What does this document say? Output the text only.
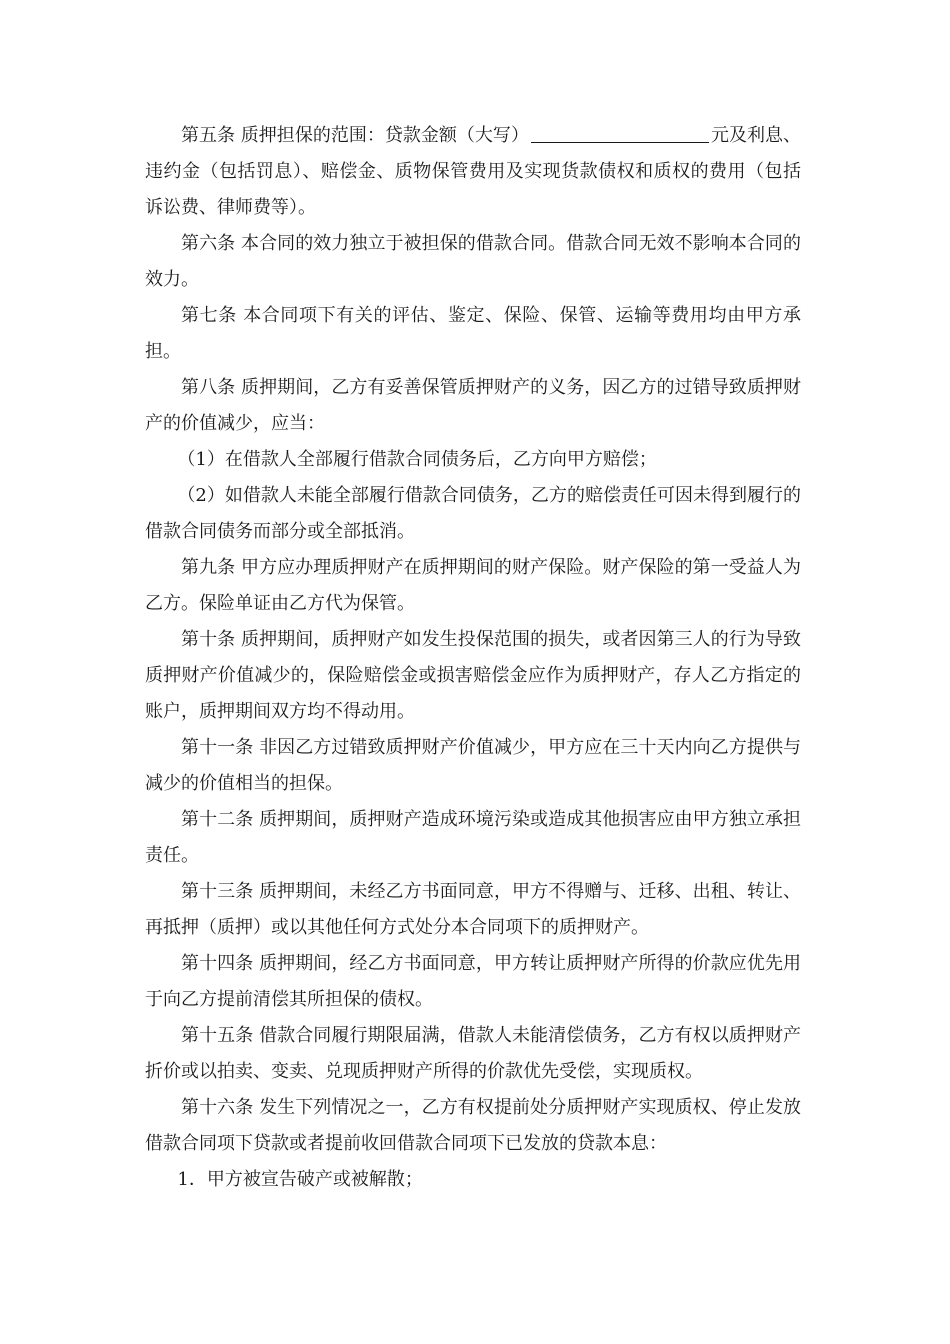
第五条 质押担保的范围：贷款金额（大写）	元及利息、违约金（包括罚息）、赔偿金、质物保管费用及实现货款债权和质权的费用（包括诉讼费、律师费等）。

第六条 本合同的效力独立于被担保的借款合同。借款合同无效不影响本合同的效力。

第七条 本合同项下有关的评估、鉴定、保险、保管、运输等费用均由甲方承担。

第八条 质押期间，乙方有妥善保管质押财产的义务，因乙方的过错导致质押财产的价值减少，应当：

（1）在借款人全部履行借款合同债务后，乙方向甲方赔偿；

（2）如借款人未能全部履行借款合同债务，乙方的赔偿责任可因未得到履行的借款合同债务而部分或全部抵消。

第九条 甲方应办理质押财产在质押期间的财产保险。财产保险的第一受益人为乙方。保险单证由乙方代为保管。

第十条 质押期间，质押财产如发生投保范围的损失，或者因第三人的行为导致质押财产价值减少的，保险赔偿金或损害赔偿金应作为质押财产，存人乙方指定的账户，质押期间双方均不得动用。

第十一条 非因乙方过错致质押财产价值减少，甲方应在三十天内向乙方提供与减少的价值相当的担保。

第十二条 质押期间，质押财产造成环境污染或造成其他损害应由甲方独立承担责任。

第十三条 质押期间，未经乙方书面同意，甲方不得赠与、迁移、出租、转让、再抵押（质押）或以其他任何方式处分本合同项下的质押财产。

第十四条 质押期间，经乙方书面同意，甲方转让质押财产所得的价款应优先用于向乙方提前清偿其所担保的债权。

第十五条 借款合同履行期限届满，借款人未能清偿债务，乙方有权以质押财产折价或以拍卖、变卖、兑现质押财产所得的价款优先受偿，实现质权。

第十六条 发生下列情况之一，乙方有权提前处分质押财产实现质权、停止发放借款合同项下贷款或者提前收回借款合同项下已发放的贷款本息：

1．甲方被宣告破产或被解散；
